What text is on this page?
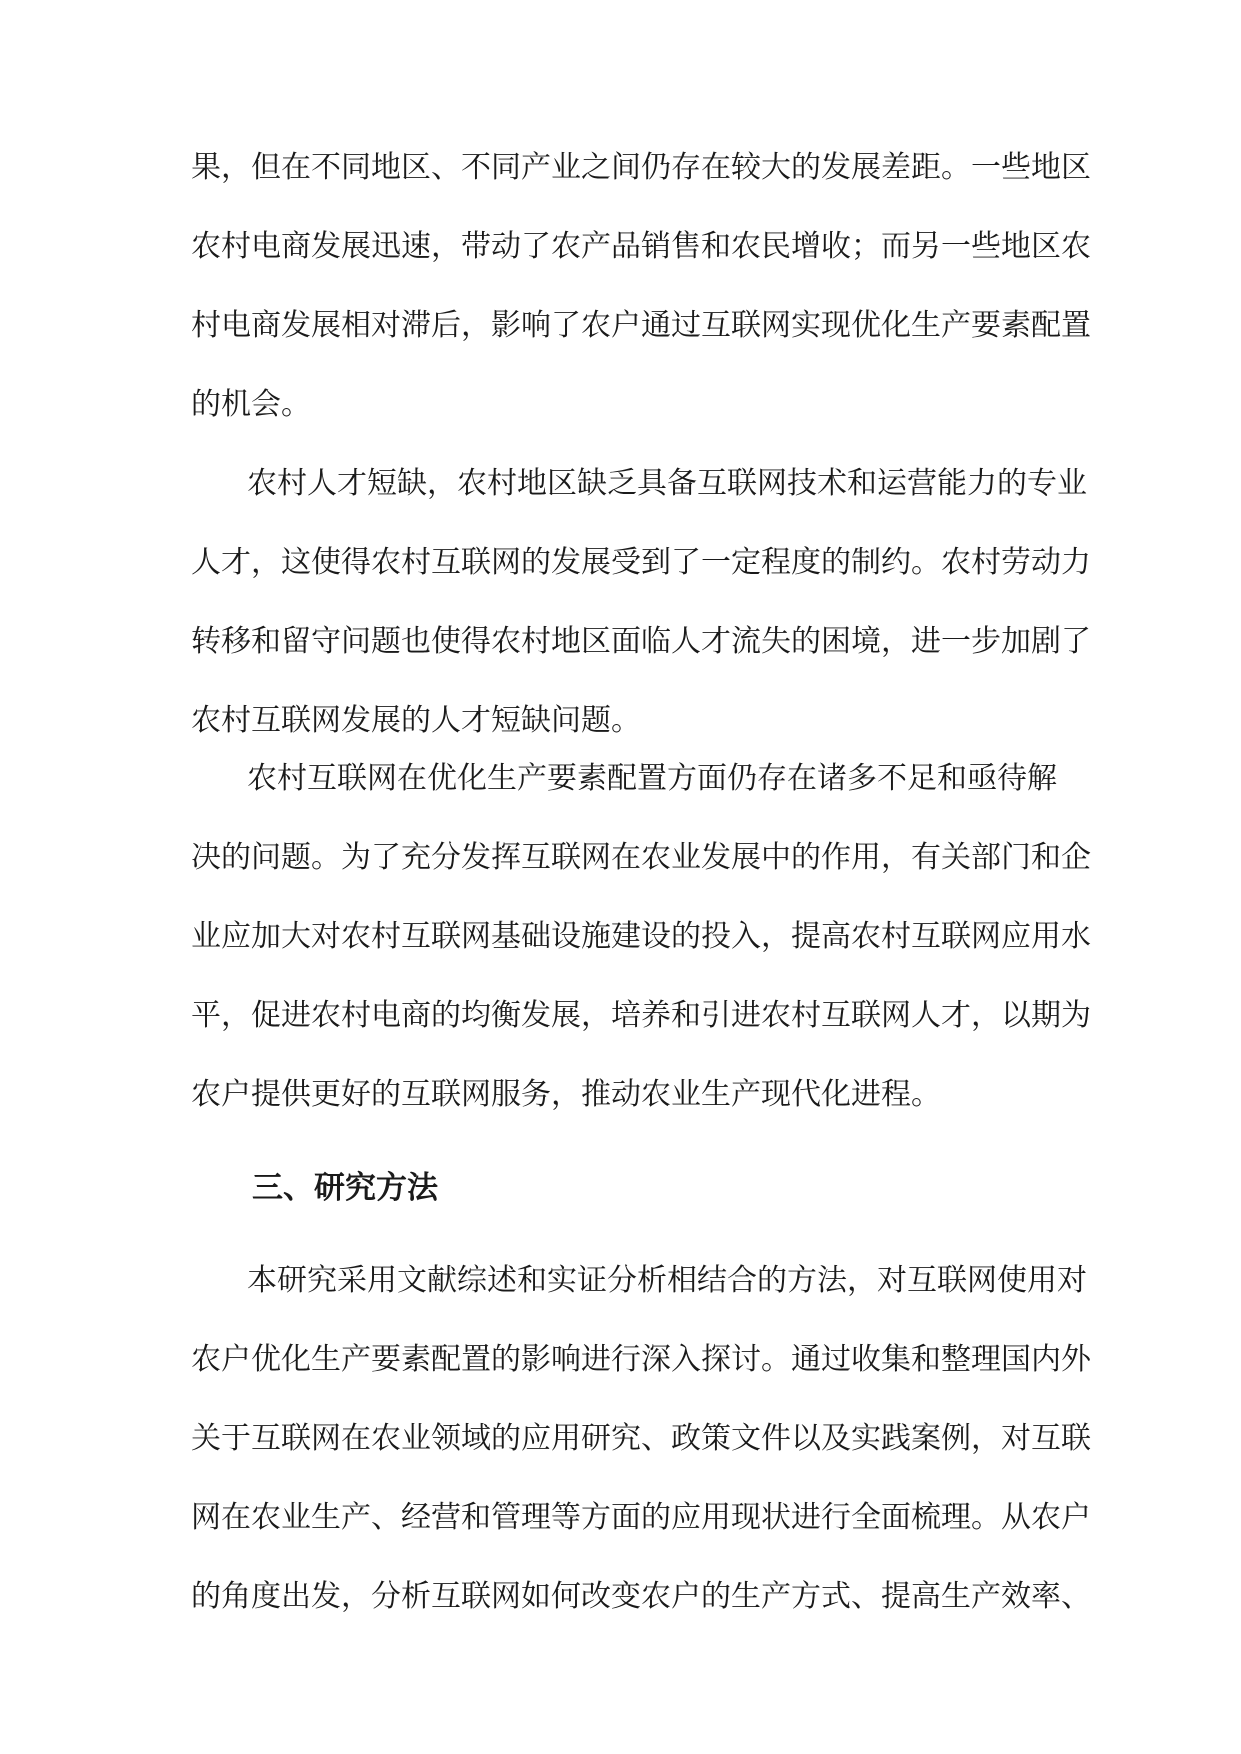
果，但在不同地区、不同产业之间仍存在较大的发展差距。一些地区
农村电商发展迅速，带动了农产品销售和农民增收；而另一些地区农
村电商发展相对滞后，影响了农户通过互联网实现优化生产要素配置
的机会。
农村人才短缺，农村地区缺乏具备互联网技术和运营能力的专业
人才，这使得农村互联网的发展受到了一定程度的制约。农村劳动力
转移和留守问题也使得农村地区面临人才流失的困境，进一步加剧了
农村互联网发展的人才短缺问题。
农村互联网在优化生产要素配置方面仍存在诸多不足和亟待解
决的问题。为了充分发挥互联网在农业发展中的作用，有关部门和企
业应加大对农村互联网基础设施建设的投入，提高农村互联网应用水
平，促进农村电商的均衡发展，培养和引进农村互联网人才，以期为
农户提供更好的互联网服务，推动农业生产现代化进程。
三、研究方法
本研究采用文献综述和实证分析相结合的方法，对互联网使用对
农户优化生产要素配置的影响进行深入探讨。通过收集和整理国内外
关于互联网在农业领域的应用研究、政策文件以及实践案例，对互联
网在农业生产、经营和管理等方面的应用现状进行全面梳理。从农户
的角度出发，分析互联网如何改变农户的生产方式、提高生产效率、
